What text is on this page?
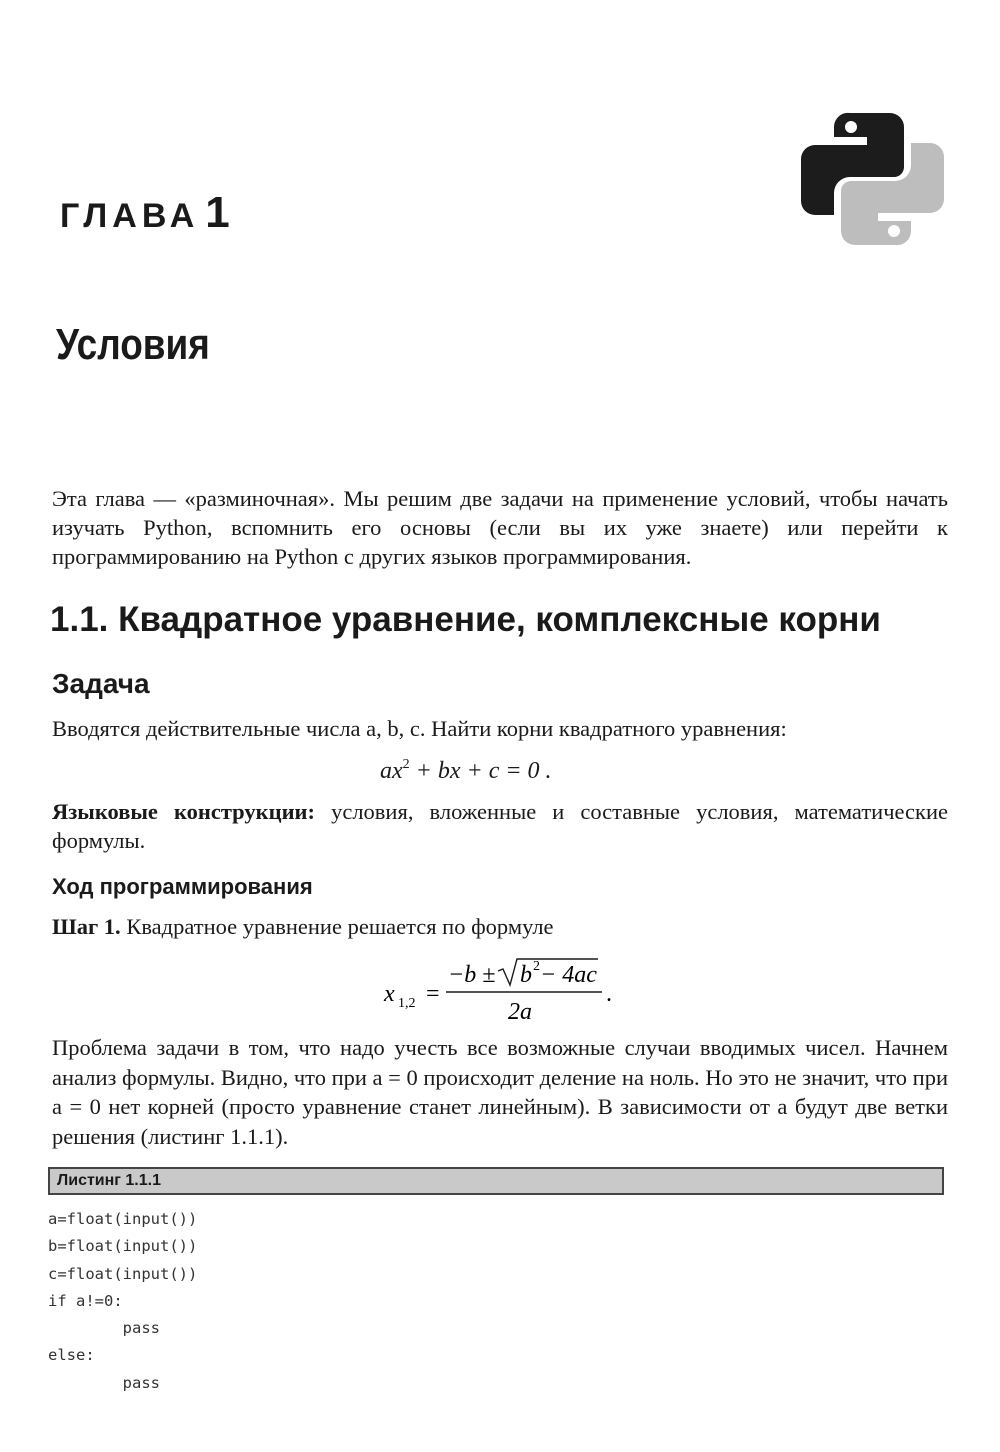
ГЛАВА 1
Условия
Эта глава — «разминочная». Мы решим две задачи на применение условий, чтобы начать изучать Python, вспомнить его основы (если вы их уже знаете) или перейти к программированию на Python с других языков программирования.
1.1. Квадратное уравнение, комплексные корни
Задача
Вводятся действительные числа a, b, c. Найти корни квадратного уравнения:
$ax^2$ + bx + c = 0 .
Языковые конструкции: условия, вложенные и составные условия, математические формулы.
Ход программирования
Шаг 1. Квадратное уравнение решается по формуле
x 1,2 =
−b ± b 2 − 4ac
2a
.
Проблема задачи в том, что надо учесть все возможные случаи вводимых чисел. Начнем анализ формулы. Видно, что при a = 0 происходит деление на ноль. Но это не значит, что при a = 0 нет корней (просто уравнение станет линейным). В зависимости от a будут две ветки решения (листинг 1.1.1).
Листинг 1.1.1
a=float(input())
b=float(input())
c=float(input())
if a!=0:
pass
else:
pass
